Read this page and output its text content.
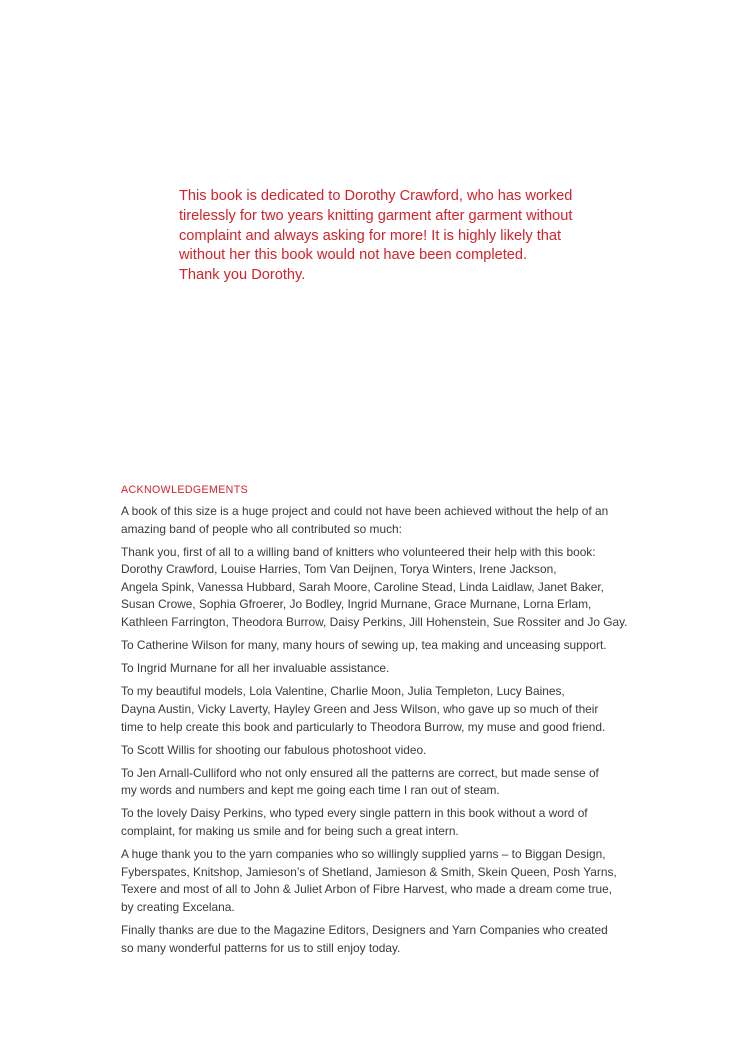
This book is dedicated to Dorothy Crawford, who has worked
tirelessly for two years knitting garment after garment without
complaint and always asking for more! It is highly likely that
without her this book would not have been completed.
Thank you Dorothy.

ACKNOWLEDGEMENTS

A book of this size is a huge project and could not have been achieved without the help of an
amazing band of people who all contributed so much:

Thank you, first of all to a willing band of knitters who volunteered their help with this book:
Dorothy Crawford, Louise Harries, Tom Van Deijnen, Torya Winters, Irene Jackson,
Angela Spink, Vanessa Hubbard, Sarah Moore, Caroline Stead, Linda Laidlaw, Janet Baker,
Susan Crowe, Sophia Gfroerer, Jo Bodley, Ingrid Murnane, Grace Murnane, Lorna Erlam,
Kathleen Farrington, Theodora Burrow, Daisy Perkins, Jill Hohenstein, Sue Rossiter and Jo Gay.

To Catherine Wilson for many, many hours of sewing up, tea making and unceasing support.

To Ingrid Murnane for all her invaluable assistance.

To my beautiful models, Lola Valentine, Charlie Moon, Julia Templeton, Lucy Baines,
Dayna Austin, Vicky Laverty, Hayley Green and Jess Wilson, who gave up so much of their
time to help create this book and particularly to Theodora Burrow, my muse and good friend.

To Scott Willis for shooting our fabulous photoshoot video.

To Jen Arnall-Culliford who not only ensured all the patterns are correct, but made sense of
my words and numbers and kept me going each time I ran out of steam.

To the lovely Daisy Perkins, who typed every single pattern in this book without a word of
complaint, for making us smile and for being such a great intern.

A huge thank you to the yarn companies who so willingly supplied yarns – to Biggan Design,
Fyberspates, Knitshop, Jamieson’s of Shetland, Jamieson & Smith, Skein Queen, Posh Yarns,
Texere and most of all to John & Juliet Arbon of Fibre Harvest, who made a dream come true,
by creating Excelana.

Finally thanks are due to the Magazine Editors, Designers and Yarn Companies who created
so many wonderful patterns for us to still enjoy today.
